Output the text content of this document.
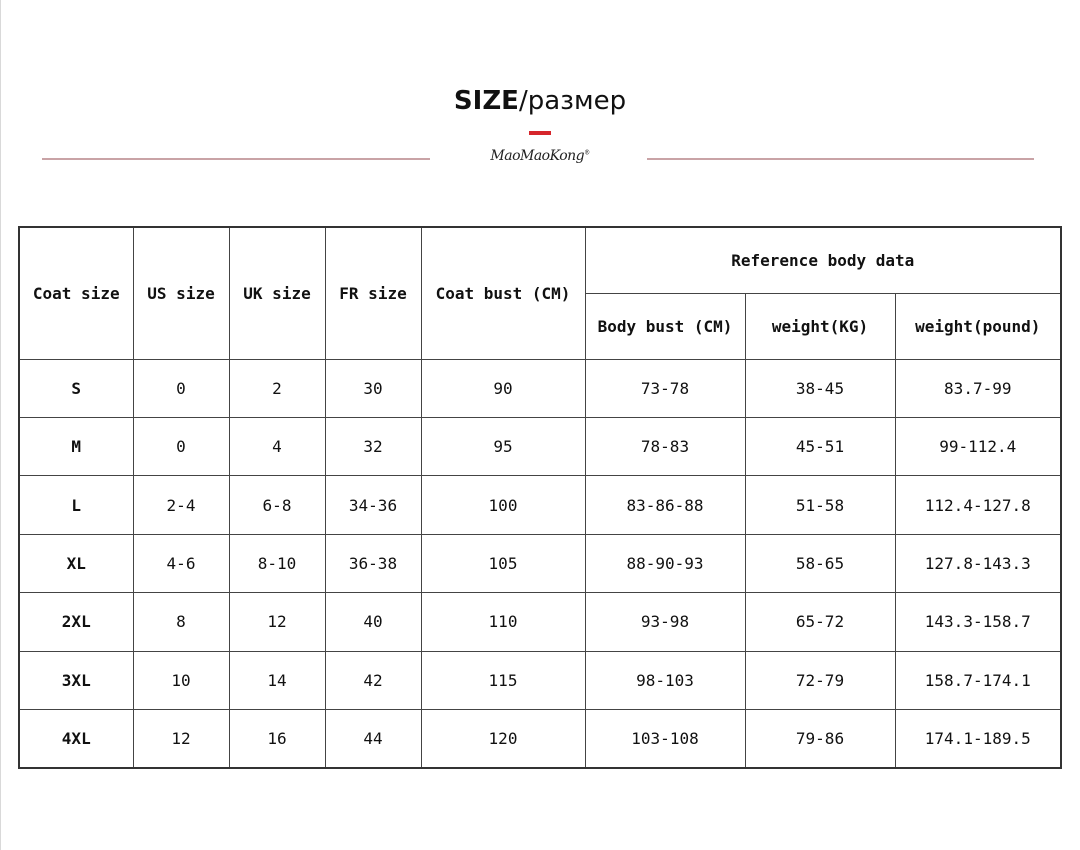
SIZE/размер
MaoMaoKong®
Coat size	US size	UK size	FR size	Coat bust (CM)	Reference body data		
					Body bust (CM)	weight(KG)	weight(pound)
S	0	2	30	90	73-78	38-45	83.7-99
M	0	4	32	95	78-83	45-51	99-112.4
L	2-4	6-8	34-36	100	83-86-88	51-58	112.4-127.8
XL	4-6	8-10	36-38	105	88-90-93	58-65	127.8-143.3
2XL	8	12	40	110	93-98	65-72	143.3-158.7
3XL	10	14	42	115	98-103	72-79	158.7-174.1
4XL	12	16	44	120	103-108	79-86	174.1-189.5
